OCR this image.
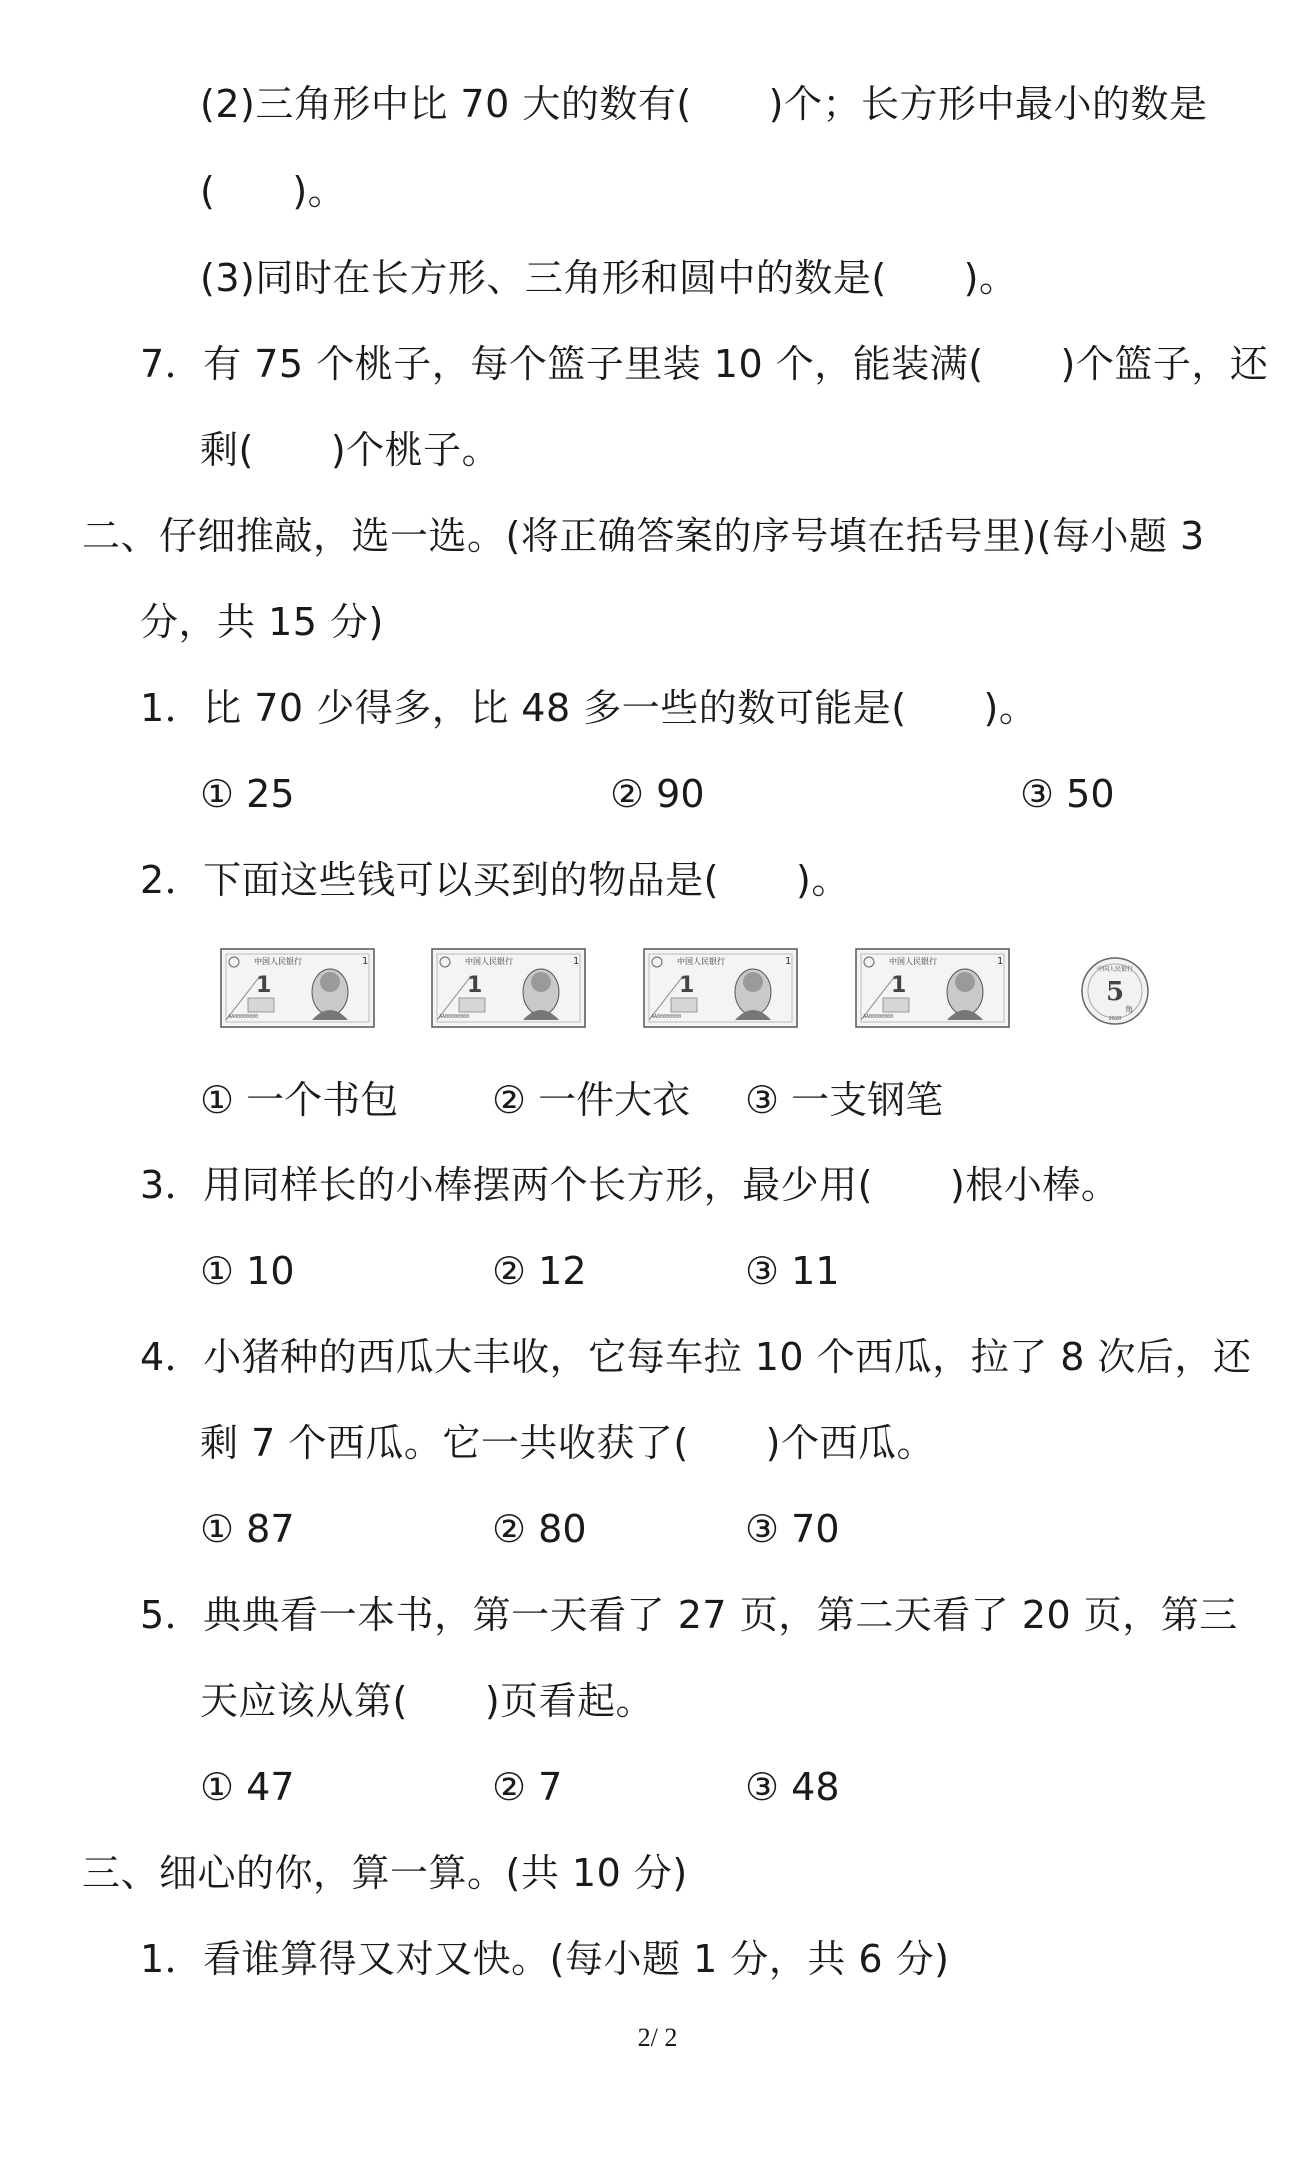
(2)三角形中比 70 大的数有(　　)个；长方形中最小的数是
(　　)。
(3)同时在长方形、三角形和圆中的数是(　　)。
7．有 75 个桃子，每个篮子里装 10 个，能装满(　　)个篮子，还
剩(　　)个桃子。
二、仔细推敲，选一选。(将正确答案的序号填在括号里)(每小题 3
分，共 15 分)
1．比 70 少得多，比 48 多一些的数可能是(　　)。
① 25	② 90	③ 50
2．下面这些钱可以买到的物品是(　　)。
中国人民银行	1
1
AA00000000
中国人民银行	1
1
AA00000000
中国人民银行	1
1
AA00000000
中国人民银行	1
1
AA00000000
中国人民银行
5
角
2020
① 一个书包 ② 一件大衣 ③ 一支钢笔
3．用同样长的小棒摆两个长方形，最少用(　　)根小棒。
① 10	② 12	③ 11
4．小猪种的西瓜大丰收，它每车拉 10 个西瓜，拉了 8 次后，还
剩 7 个西瓜。它一共收获了(　　)个西瓜。
① 87	② 80	③ 70
5．典典看一本书，第一天看了 27 页，第二天看了 20 页，第三
天应该从第(　　)页看起。
① 47	② 7	③ 48
三、细心的你，算一算。(共 10 分)
1．看谁算得又对又快。(每小题 1 分，共 6 分)
2/ 2
